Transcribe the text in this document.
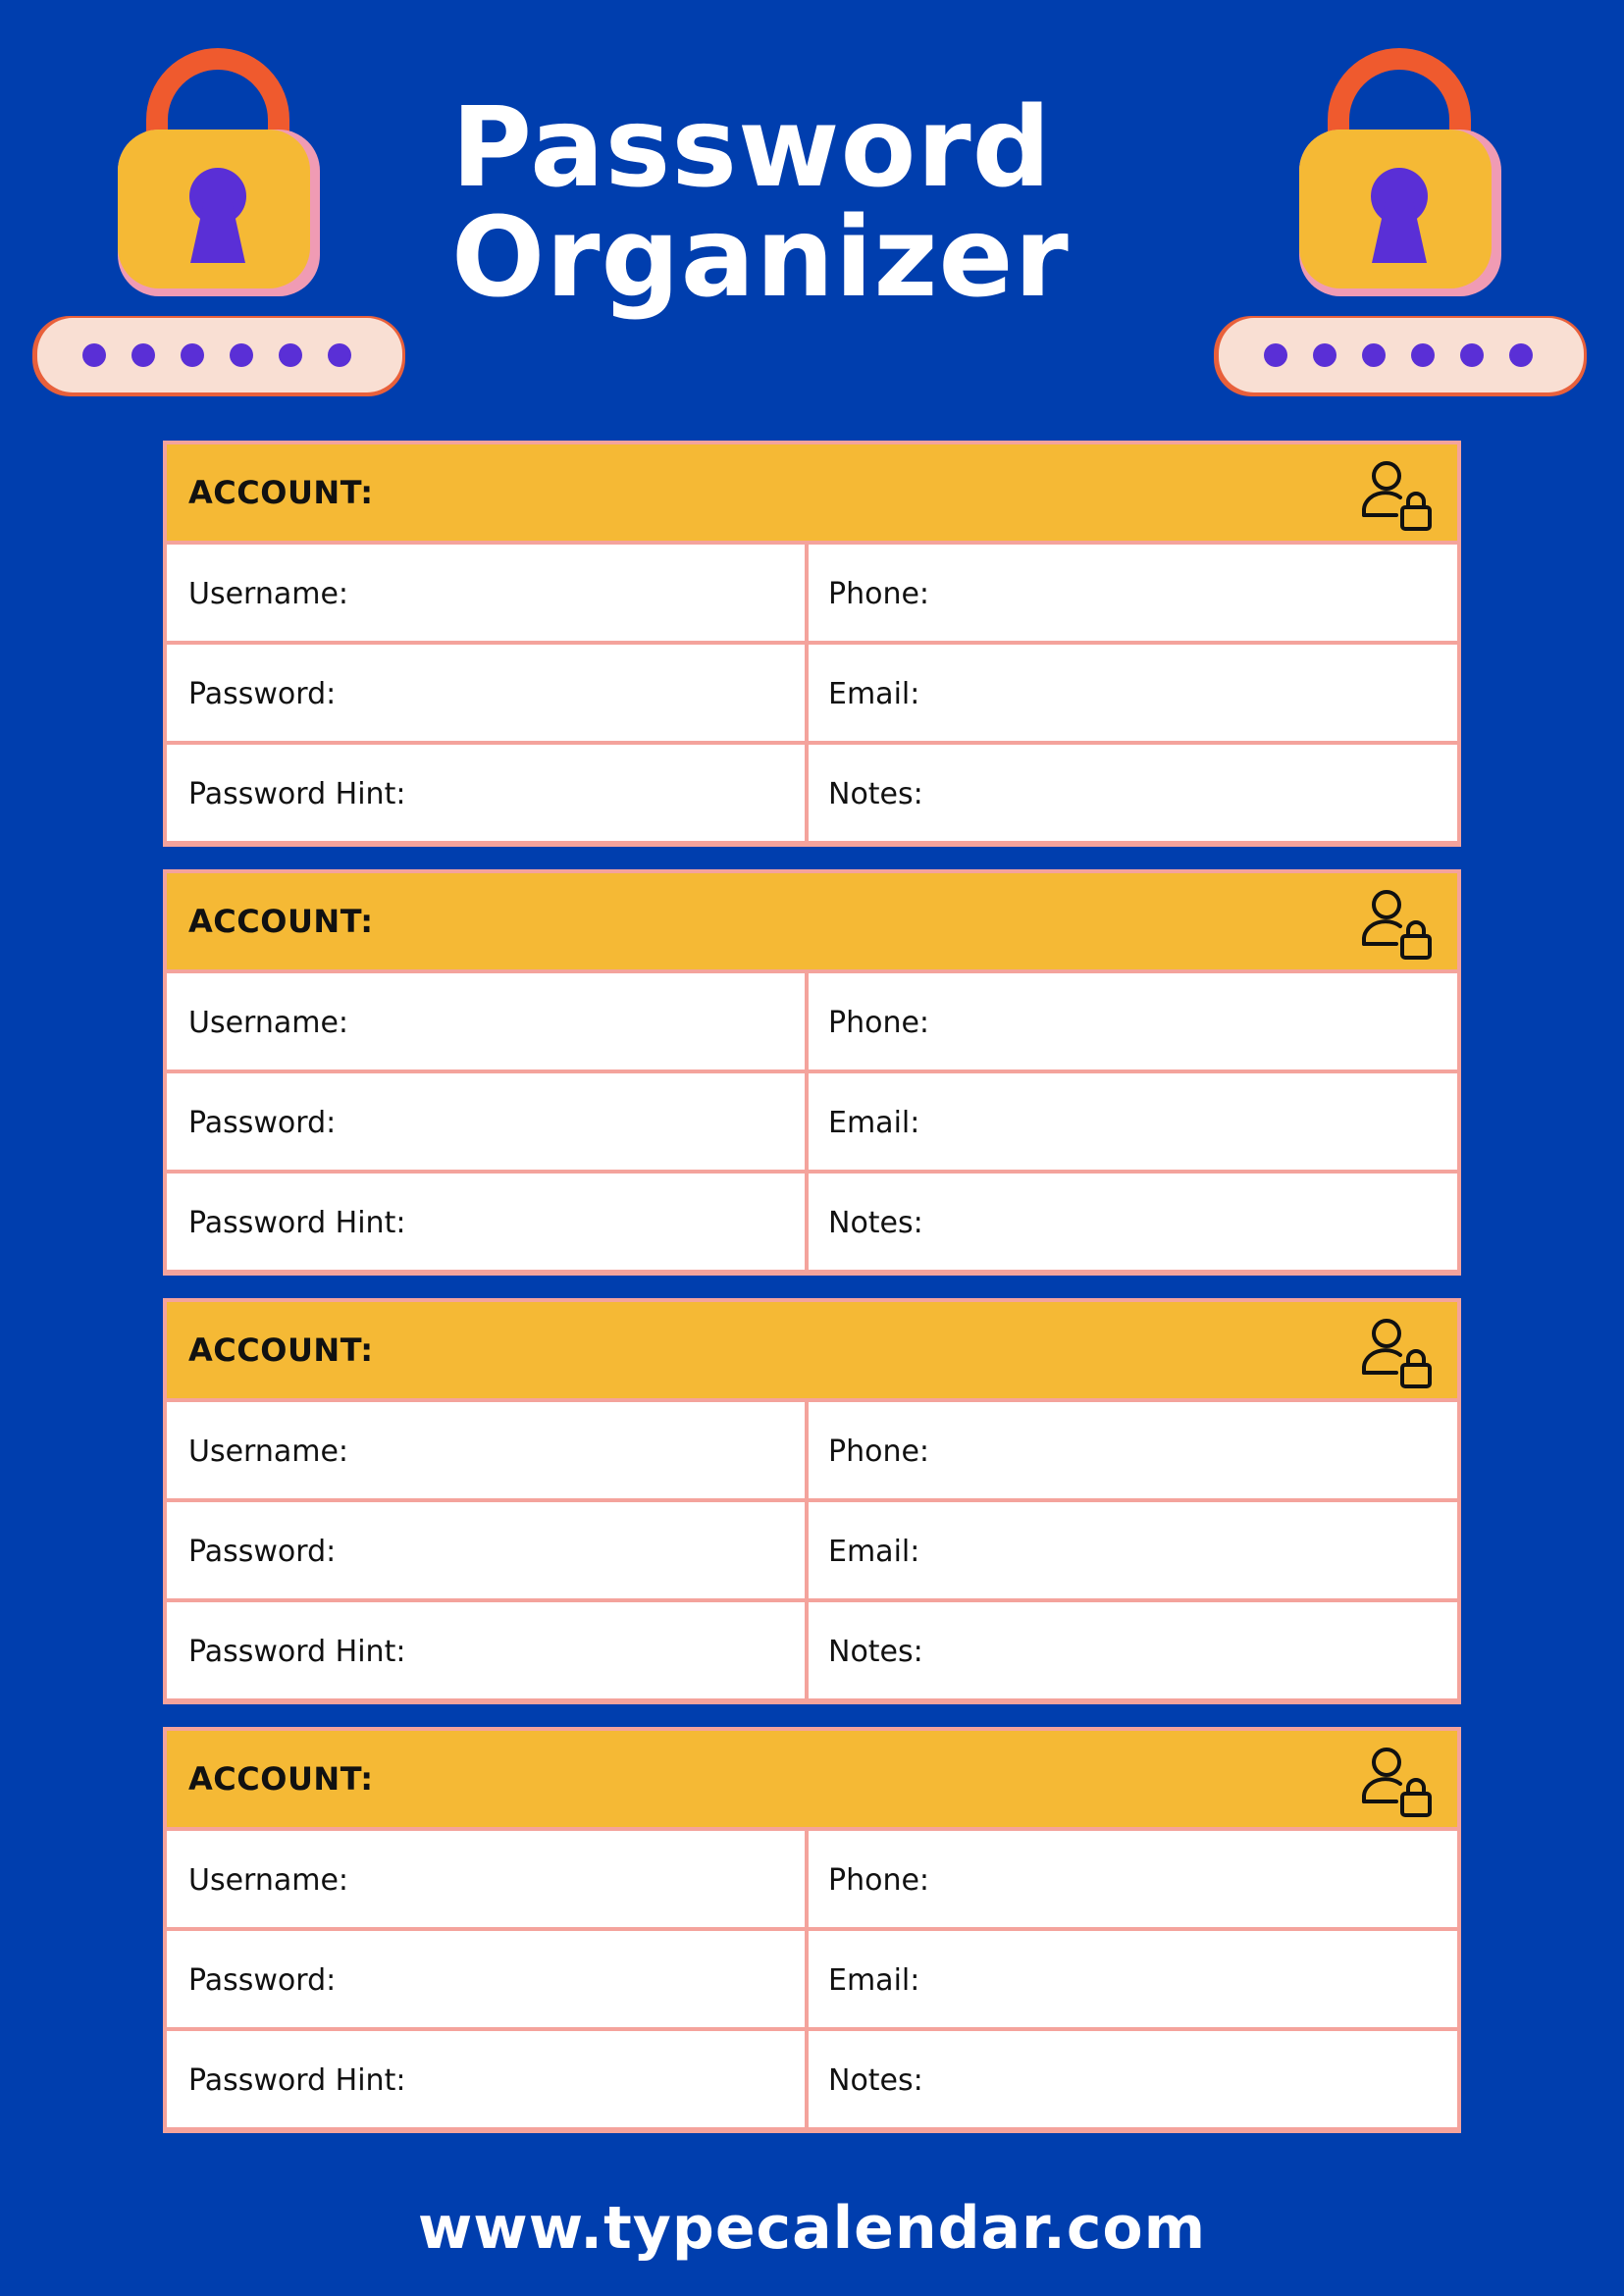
Password
Organizer
ACCOUNT:
Username:	Phone:
Password:	Email:
Password Hint:	Notes:
ACCOUNT:
Username:	Phone:
Password:	Email:
Password Hint:	Notes:
ACCOUNT:
Username:	Phone:
Password:	Email:
Password Hint:	Notes:
ACCOUNT:
Username:	Phone:
Password:	Email:
Password Hint:	Notes:
www.typecalendar.com
